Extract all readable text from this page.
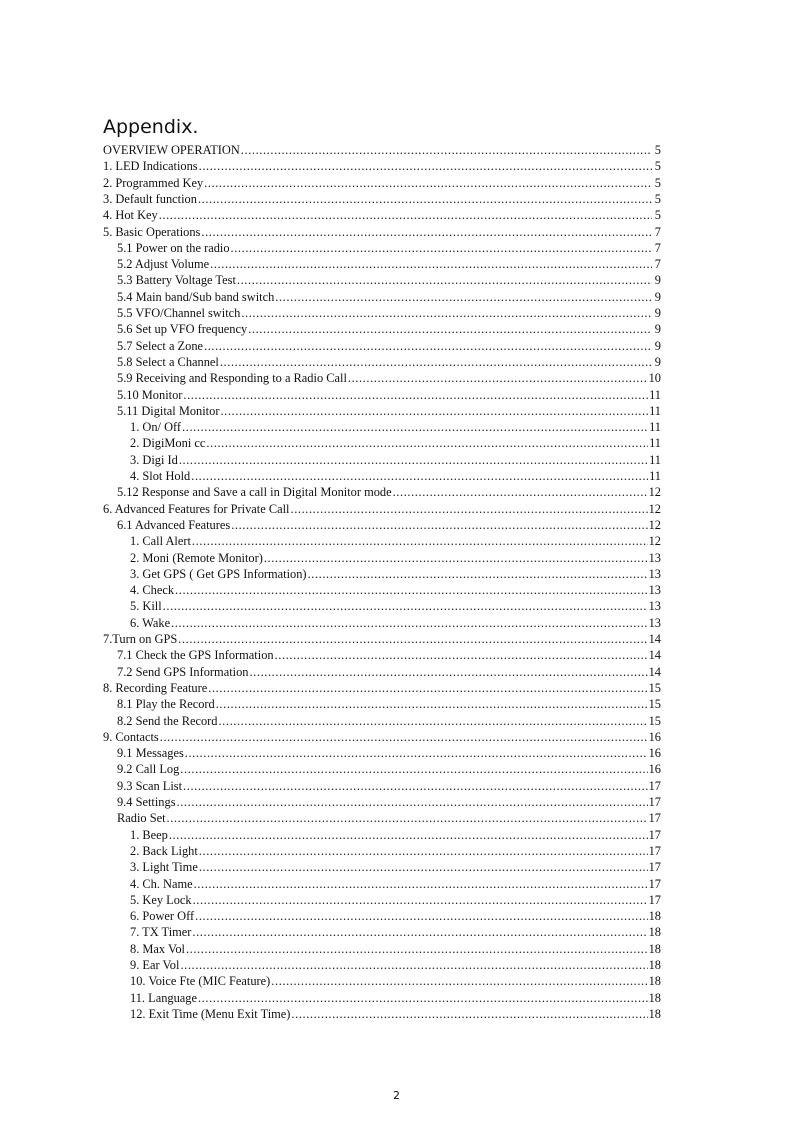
Appendix.
OVERVIEW OPERATION .....	5
1. LED Indications .....	5
2. Programmed Key .....	5
3. Default function .....	5
4. Hot Key .....	5
5. Basic Operations .....	7
5.1 Power on the radio .....	7
5.2 Adjust Volume .....	7
5.3 Battery Voltage Test .....	9
5.4 Main band/Sub band switch .....	9
5.5 VFO/Channel switch .....	9
5.6 Set up VFO frequency .....	9
5.7 Select a Zone .....	9
5.8 Select a Channel .....	9
5.9 Receiving and Responding to a Radio Call .....	10
5.10 Monitor .....	11
5.11 Digital Monitor .....	11
1. On/ Off .....	11
2. DigiMoni cc .....	11
3. Digi Id .....	11
4. Slot Hold .....	11
5.12 Response and Save a call in Digital Monitor mode .....	12
6. Advanced Features for Private Call .....	12
6.1 Advanced Features .....	12
1. Call Alert .....	12
2. Moni (Remote Monitor) .....	13
3. Get GPS ( Get GPS Information) .....	13
4. Check .....	13
5. Kill .....	13
6. Wake .....	13
7.Turn on GPS .....	14
7.1 Check the GPS Information .....	14
7.2 Send GPS Information .....	14
8. Recording Feature .....	15
8.1 Play the Record .....	15
8.2 Send the Record .....	15
9. Contacts .....	16
9.1 Messages .....	16
9.2 Call Log .....	16
9.3 Scan List .....	17
9.4 Settings .....	17
Radio Set .....	17
1. Beep .....	17
2. Back Light .....	17
3. Light Time .....	17
4. Ch. Name .....	17
5. Key Lock .....	17
6. Power Off .....	18
7. TX Timer .....	18
8. Max Vol .....	18
9. Ear Vol .....	18
10. Voice Fte (MIC Feature) .....	18
11. Language .....	18
12. Exit Time (Menu Exit Time) .....	18
2
